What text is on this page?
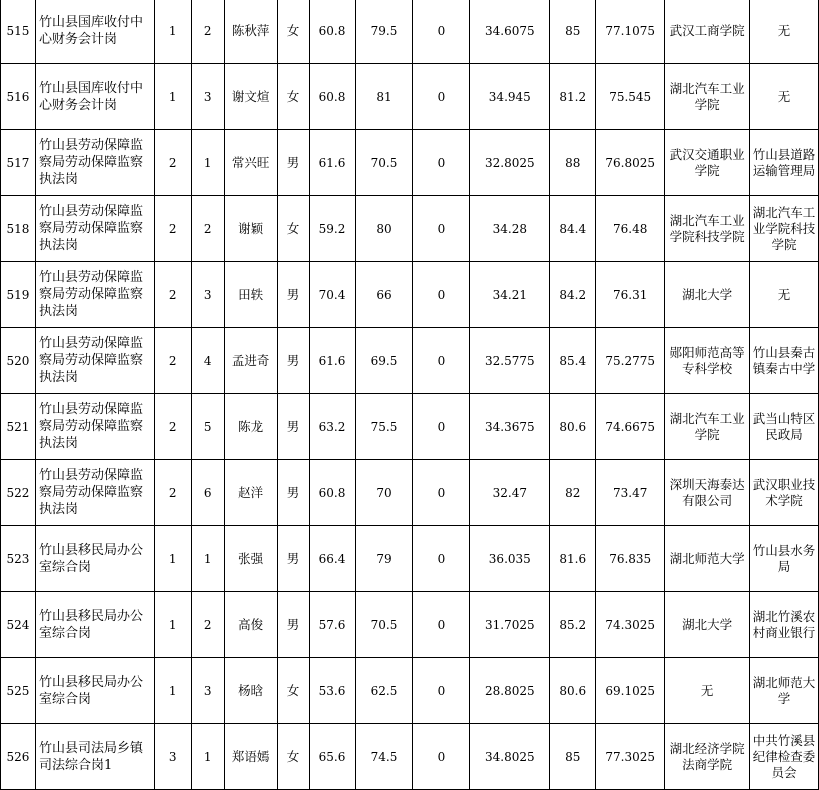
515	竹山县国库收付中心财务会计岗	1	2	陈秋萍	女	60.8	79.5	0	34.6075	85	77.1075	武汉工商学院	无
516	竹山县国库收付中心财务会计岗	1	3	谢文煊	女	60.8	81	0	34.945	81.2	75.545	湖北汽车工业学院	无
517	竹山县劳动保障监察局劳动保障监察执法岗	2	1	常兴旺	男	61.6	70.5	0	32.8025	88	76.8025	武汉交通职业学院	竹山县道路运输管理局
518	竹山县劳动保障监察局劳动保障监察执法岗	2	2	谢颖	女	59.2	80	0	34.28	84.4	76.48	湖北汽车工业学院科技学院	湖北汽车工业学院科技学院
519	竹山县劳动保障监察局劳动保障监察执法岗	2	3	田轶	男	70.4	66	0	34.21	84.2	76.31	湖北大学	无
520	竹山县劳动保障监察局劳动保障监察执法岗	2	4	孟进奇	男	61.6	69.5	0	32.5775	85.4	75.2775	郧阳师范高等专科学校	竹山县秦古镇秦古中学
521	竹山县劳动保障监察局劳动保障监察执法岗	2	5	陈龙	男	63.2	75.5	0	34.3675	80.6	74.6675	湖北汽车工业学院	武当山特区民政局
522	竹山县劳动保障监察局劳动保障监察执法岗	2	6	赵洋	男	60.8	70	0	32.47	82	73.47	深圳天海泰达有限公司	武汉职业技术学院
523	竹山县移民局办公室综合岗	1	1	张强	男	66.4	79	0	36.035	81.6	76.835	湖北师范大学	竹山县水务局
524	竹山县移民局办公室综合岗	1	2	高俊	男	57.6	70.5	0	31.7025	85.2	74.3025	湖北大学	湖北竹溪农村商业银行
525	竹山县移民局办公室综合岗	1	3	杨晗	女	53.6	62.5	0	28.8025	80.6	69.1025	无	湖北师范大学
526	竹山县司法局乡镇司法综合岗1	3	1	郑语嫣	女	65.6	74.5	0	34.8025	85	77.3025	湖北经济学院法商学院	中共竹溪县纪律检查委员会
